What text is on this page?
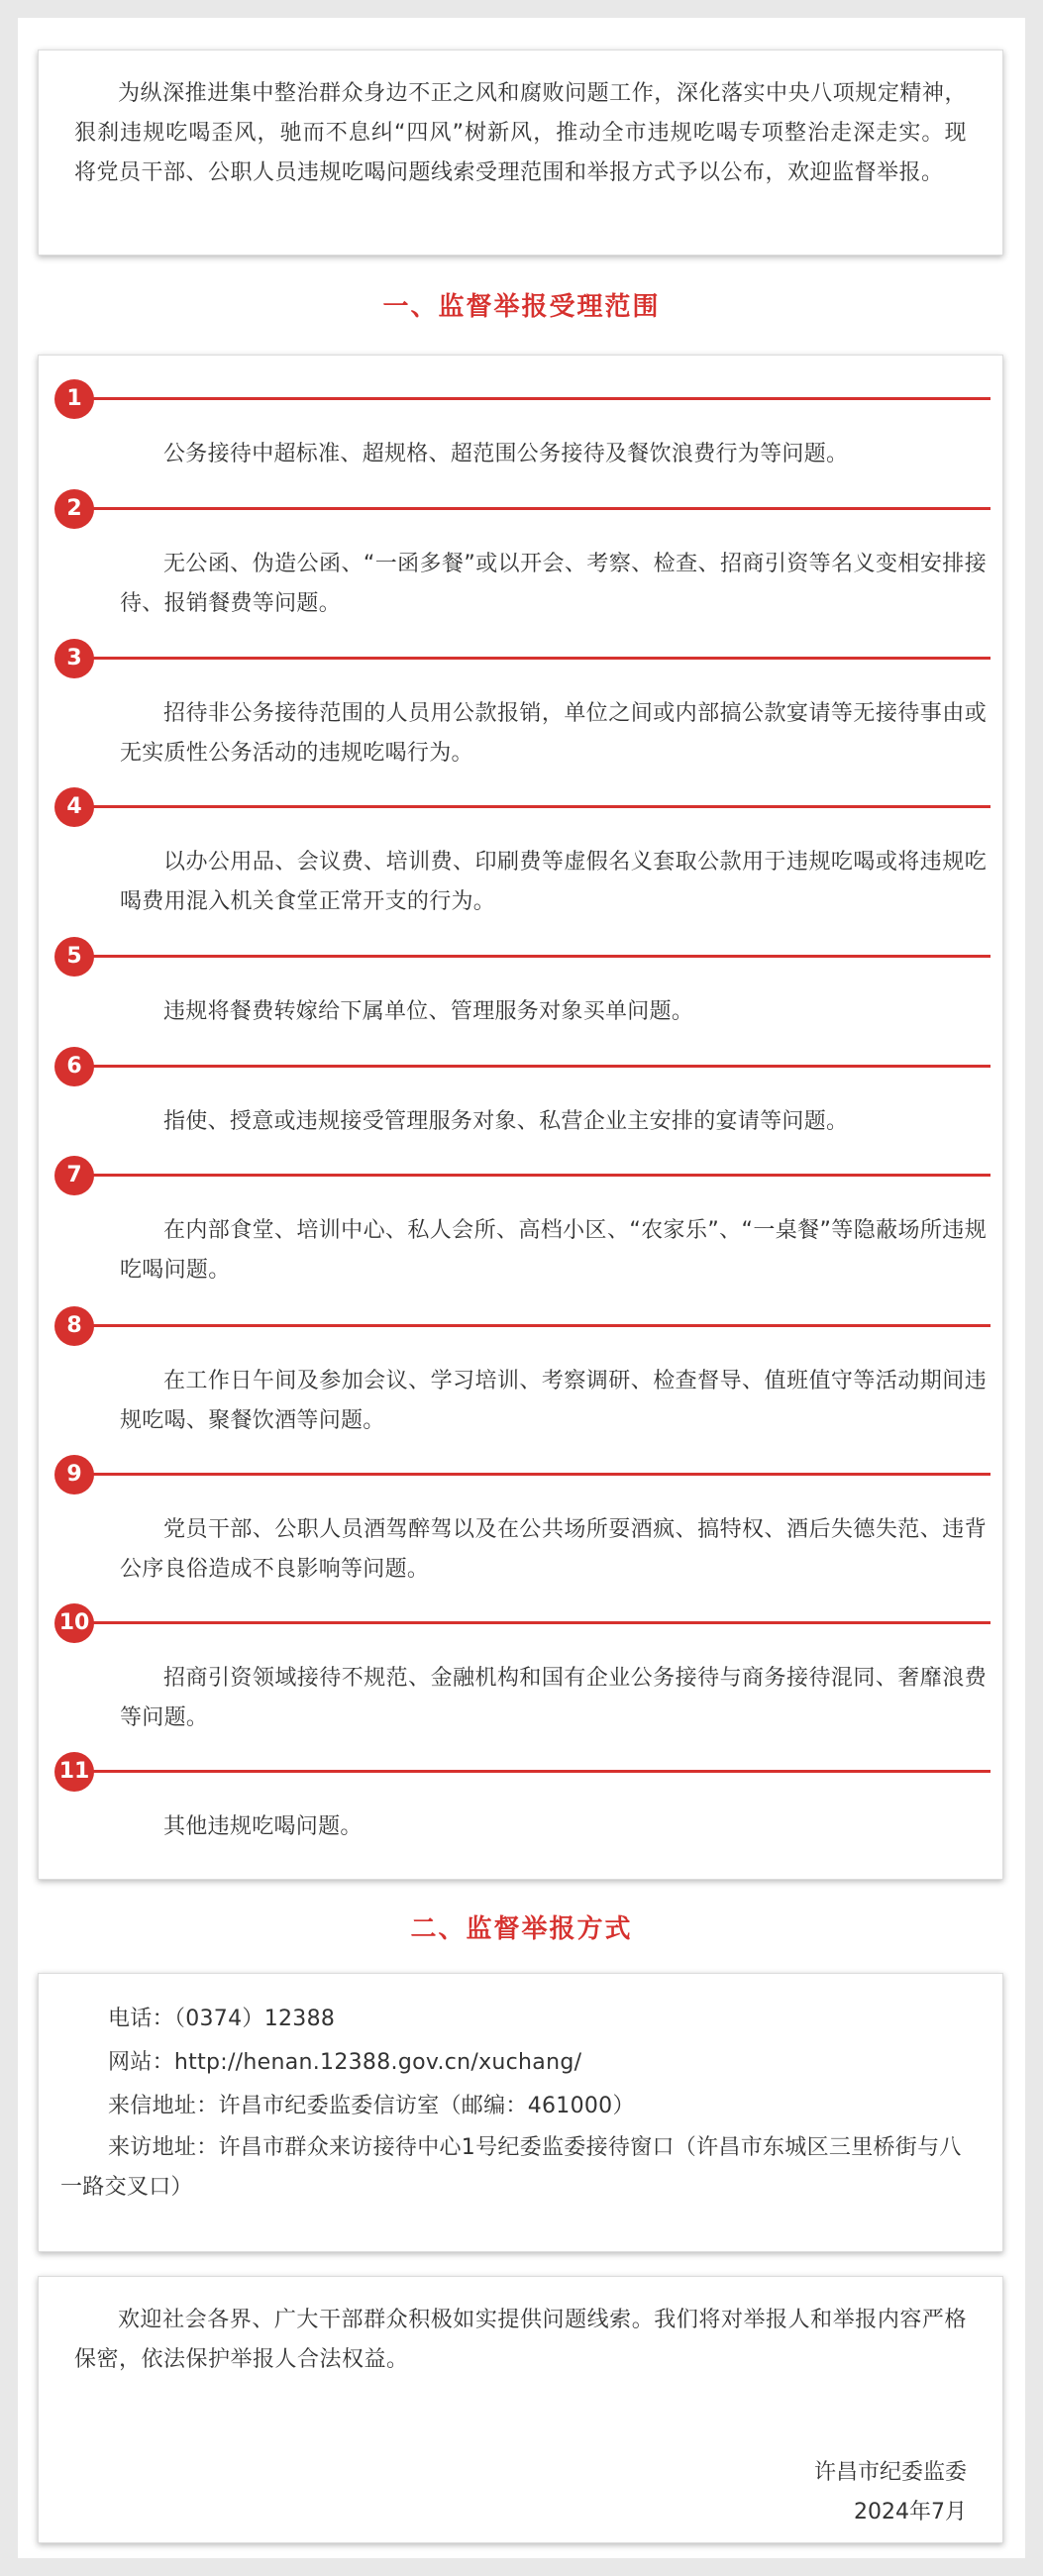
为纵深推进集中整治群众身边不正之风和腐败问题工作，深化落实中央八项规定精神，狠刹违规吃喝歪风，驰而不息纠“四风”树新风，推动全市违规吃喝专项整治走深走实。现将党员干部、公职人员违规吃喝问题线索受理范围和举报方式予以公布，欢迎监督举报。

一、监督举报受理范围
1

公务接待中超标准、超规格、超范围公务接待及餐饮浪费行为等问题。

2

无公函、伪造公函、“一函多餐”或以开会、考察、检查、招商引资等名义变相安排接待、报销餐费等问题。

3

招待非公务接待范围的人员用公款报销，单位之间或内部搞公款宴请等无接待事由或无实质性公务活动的违规吃喝行为。

4

以办公用品、会议费、培训费、印刷费等虚假名义套取公款用于违规吃喝或将违规吃喝费用混入机关食堂正常开支的行为。

5

违规将餐费转嫁给下属单位、管理服务对象买单问题。

6

指使、授意或违规接受管理服务对象、私营企业主安排的宴请等问题。

7

在内部食堂、培训中心、私人会所、高档小区、“农家乐”、“一桌餐”等隐蔽场所违规吃喝问题。

8

在工作日午间及参加会议、学习培训、考察调研、检查督导、值班值守等活动期间违规吃喝、聚餐饮酒等问题。

9

党员干部、公职人员酒驾醉驾以及在公共场所耍酒疯、搞特权、酒后失德失范、违背公序良俗造成不良影响等问题。

10

招商引资领域接待不规范、金融机构和国有企业公务接待与商务接待混同、奢靡浪费等问题。

11

其他违规吃喝问题。

二、监督举报方式

电话：（0374）12388

网站：http://henan.12388.gov.cn/xuchang/

来信地址：许昌市纪委监委信访室（邮编：461000）

来访地址：许昌市群众来访接待中心1号纪委监委接待窗口（许昌市东城区三里桥街与八一路交叉口）

欢迎社会各界、广大干部群众积极如实提供问题线索。我们将对举报人和举报内容严格保密，依法保护举报人合法权益。

许昌市纪委监委

2024年7月
